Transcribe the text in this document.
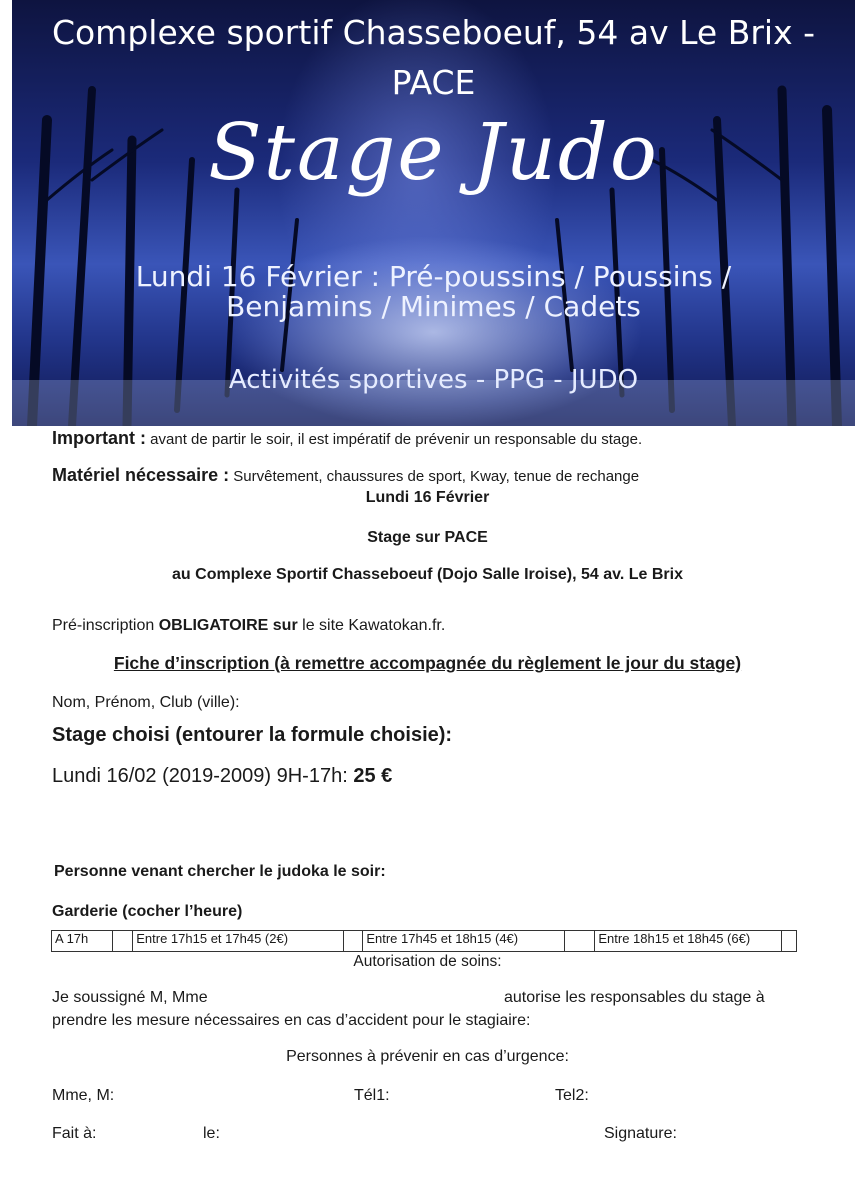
Complexe sportif Chasseboeuf, 54 av Le Brix - PACE
Stage Judo
Lundi 16 Février : Pré-poussins / Poussins /
Benjamins / Minimes / Cadets
Activités sportives - PPG - JUDO
Important : avant de partir le soir, il est impératif de prévenir un responsable du stage.
Matériel nécessaire : Survêtement, chaussures de sport, Kway, tenue de rechange
Lundi 16 Février
Stage sur PACE
au Complexe Sportif Chasseboeuf (Dojo Salle Iroise), 54 av. Le Brix
Pré-inscription OBLIGATOIRE sur le site Kawatokan.fr.
Fiche d’inscription (à remettre accompagnée du règlement le jour du stage)
Nom, Prénom, Club (ville):
Stage choisi (entourer la formule choisie):
Lundi 16/02 (2019-2009) 9H-17h: 25 €
Personne venant chercher le judoka le soir:
Garderie (cocher l’heure)
A 17h		Entre 17h15 et 17h45 (2€)		Entre 17h45 et 18h15 (4€)		Entre 18h15 et 18h45 (6€)	
Autorisation de soins:
Je soussigné M, Mme	autorise les responsables du stage à
prendre les mesure nécessaires en cas d’accident pour le stagiaire:
Personnes à prévenir en cas d’urgence:
Mme, M:	Tél1:	Tel2:
Fait à:	le:	Signature:
